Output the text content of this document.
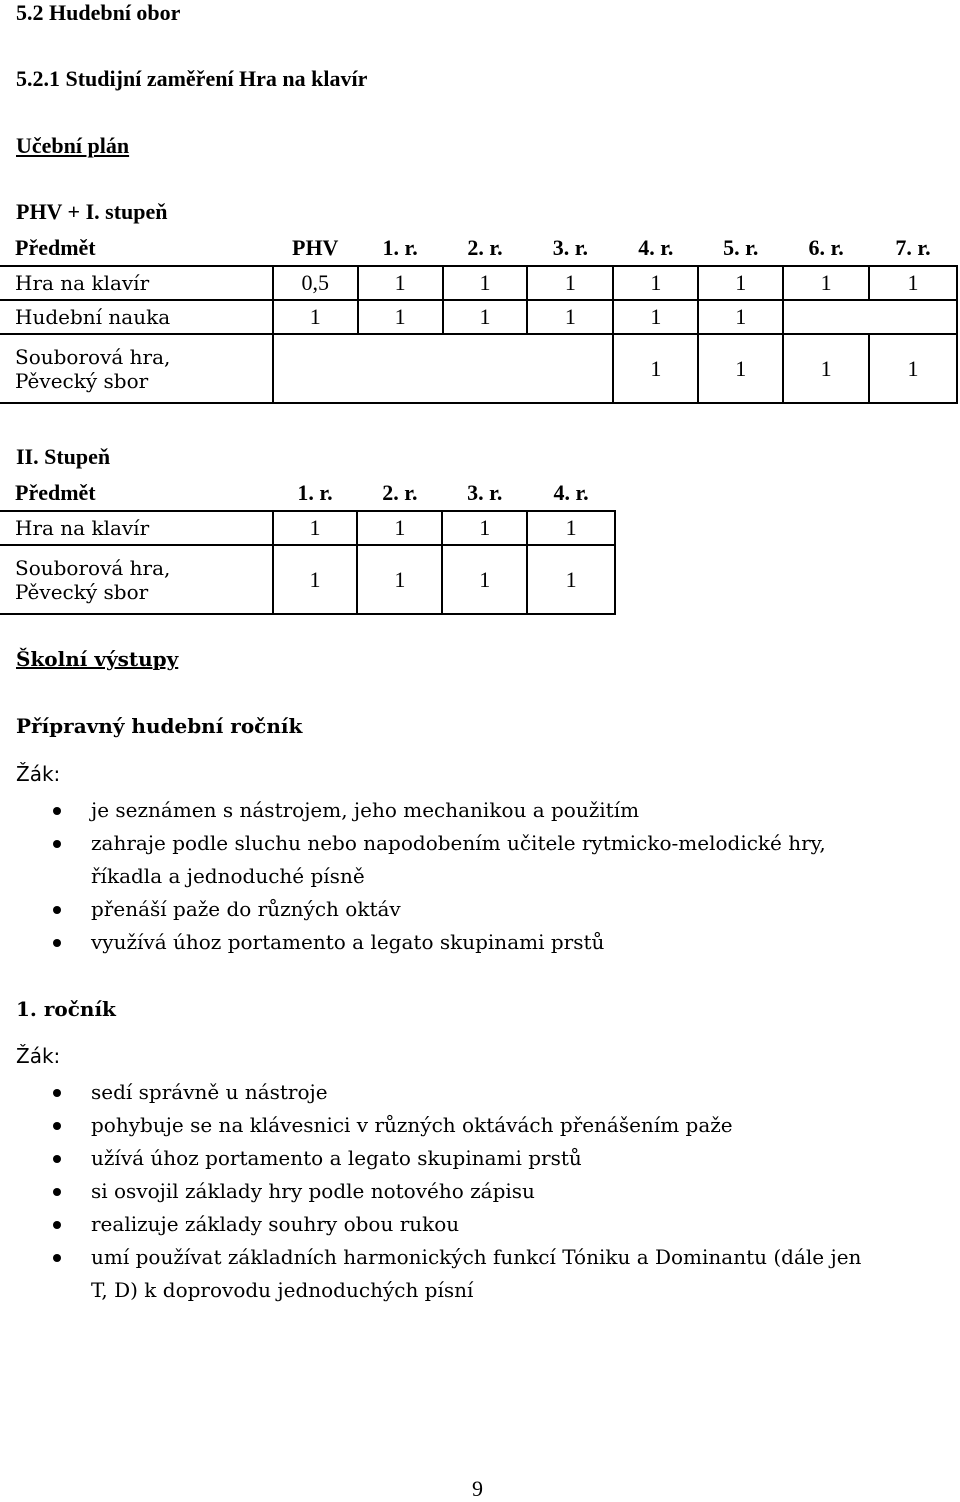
5.2 Hudební obor
5.2.1 Studijní zaměření Hra na klavír
Učební plán
PHV + I. stupeň
Předmět	PHV	1. r.	2. r.	3. r.	4. r.	5. r.	6. r.	7. r.
Hra na klavír	0,5	1	1	1	1	1	1	1
Hudební nauka	1	1	1	1	1	1		

Souborová hra,
Pěvecký sbor					1	1	1	1
II. Stupeň
Předmět	1. r.	2. r.	3. r.	4. r.
Hra na klavír	1	1	1	1

Souborová hra,
Pěvecký sbor	1	1	1	1
Školní výstupy
Přípravný hudební ročník
Žák:
je seznámen s nástrojem, jeho mechanikou a použitím
zahraje podle sluchu nebo napodobením učitele rytmicko-melodické hry,
říkadla a jednoduché písně
přenáší paže do různých oktáv
využívá úhoz portamento a legato skupinami prstů
1. ročník
Žák:
sedí správně u nástroje
pohybuje se na klávesnici v různých oktávách přenášením paže
užívá úhoz portamento a legato skupinami prstů
si osvojil základy hry podle notového zápisu
realizuje základy souhry obou rukou
umí používat základních harmonických funkcí Tóniku a Dominantu (dále jen
T, D) k doprovodu jednoduchých písní
9
